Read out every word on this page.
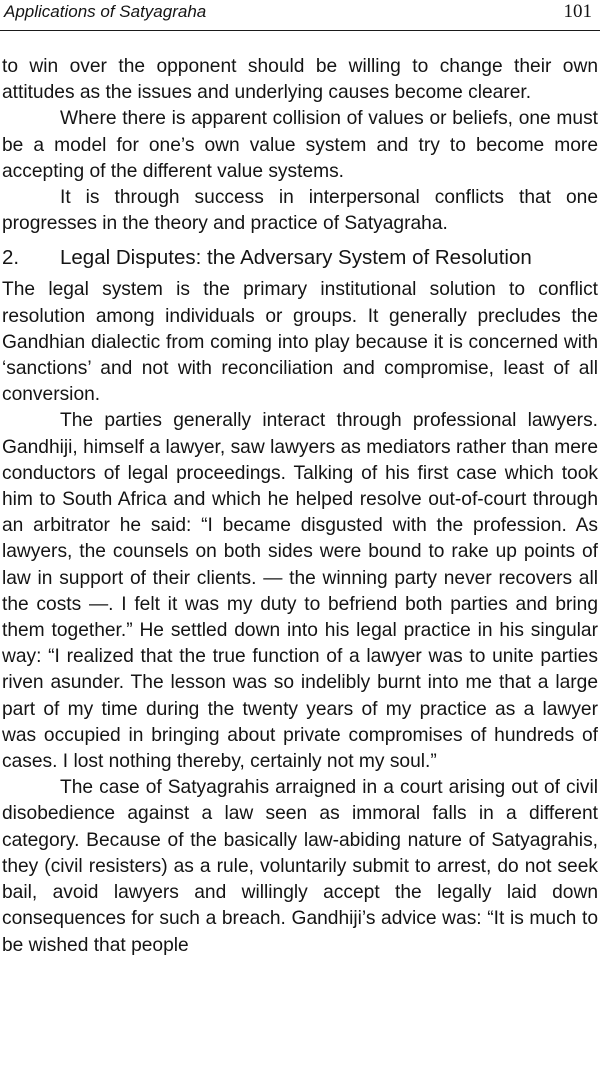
Applications of Satyagraha	101

to win over the opponent should be willing to change their own attitudes as the issues and underlying causes become clearer.

Where there is apparent collision of values or beliefs, one must be a model for one’s own value system and try to become more accepting of the different value systems.

It is through success in interpersonal conflicts that one progresses in the theory and practice of Satyagraha.

2. Legal Disputes: the Adversary System of Resolution

The legal system is the primary institutional solution to conflict resolution among individuals or groups. It generally precludes the Gandhian dialectic from coming into play because it is concerned with ‘sanctions’ and not with reconciliation and compromise, least of all conversion.

The parties generally interact through professional lawyers. Gandhiji, himself a lawyer, saw lawyers as mediators rather than mere conductors of legal proceedings. Talking of his first case which took him to South Africa and which he helped resolve out-of-court through an arbitrator he said: “I became disgusted with the profession. As lawyers, the counsels on both sides were bound to rake up points of law in support of their clients. — the winning party never recovers all the costs —. I felt it was my duty to befriend both parties and bring them together.” He settled down into his legal practice in his singular way: “I realized that the true function of a lawyer was to unite parties riven asunder. The lesson was so indelibly burnt into me that a large part of my time during the twenty years of my practice as a lawyer was occupied in bringing about private compromises of hundreds of cases. I lost nothing thereby, certainly not my soul.”

The case of Satyagrahis arraigned in a court arising out of civil disobedience against a law seen as immoral falls in a different category. Because of the basically law-abiding nature of Satyagrahis, they (civil resisters) as a rule, voluntarily submit to arrest, do not seek bail, avoid lawyers and willingly accept the legally laid down consequences for such a breach. Gandhiji’s advice was: “It is much to be wished that people
